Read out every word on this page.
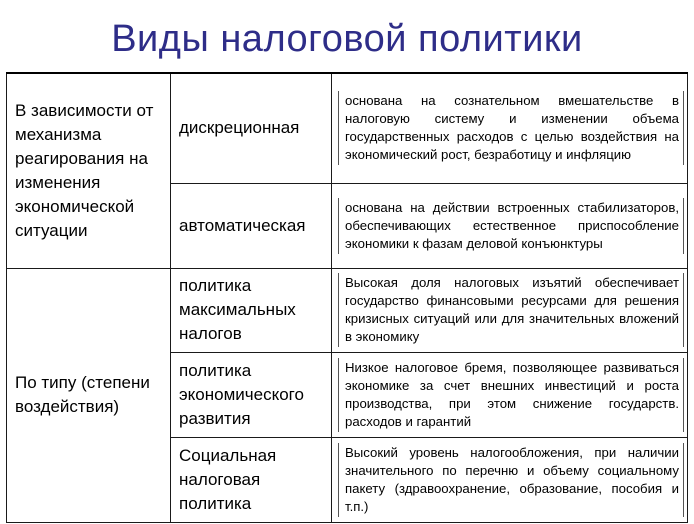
Виды налоговой политики
В зависимости от механизма реагирования на изменения экономической ситуации	дискреционная	основана на сознательном вмешательстве в налоговую систему и изменении объема государственных расходов с целью воздействия на экономический рост, безработицу и инфляцию

	автоматическая	основана на действии встроенных стабилизаторов, обеспечивающих естественное приспособление экономики к фазам деловой конъюнктуры

По типу (степени воздействия)	политика максимальных налогов	Высокая доля налоговых изъятий обеспечивает государство финансовыми ресурсами для решения кризисных ситуаций или для значительных вложений в экономику

	политика экономического развития	Низкое налоговое бремя, позволяющее развиваться экономике за счет внешних инвестиций и роста производства, при этом снижение государств. расходов и гарантий

	Социальная налоговая политика	Высокий уровень налогообложения, при наличии значительного по перечню и объему социальному пакету (здравоохранение, образование, пособия и т.п.)
